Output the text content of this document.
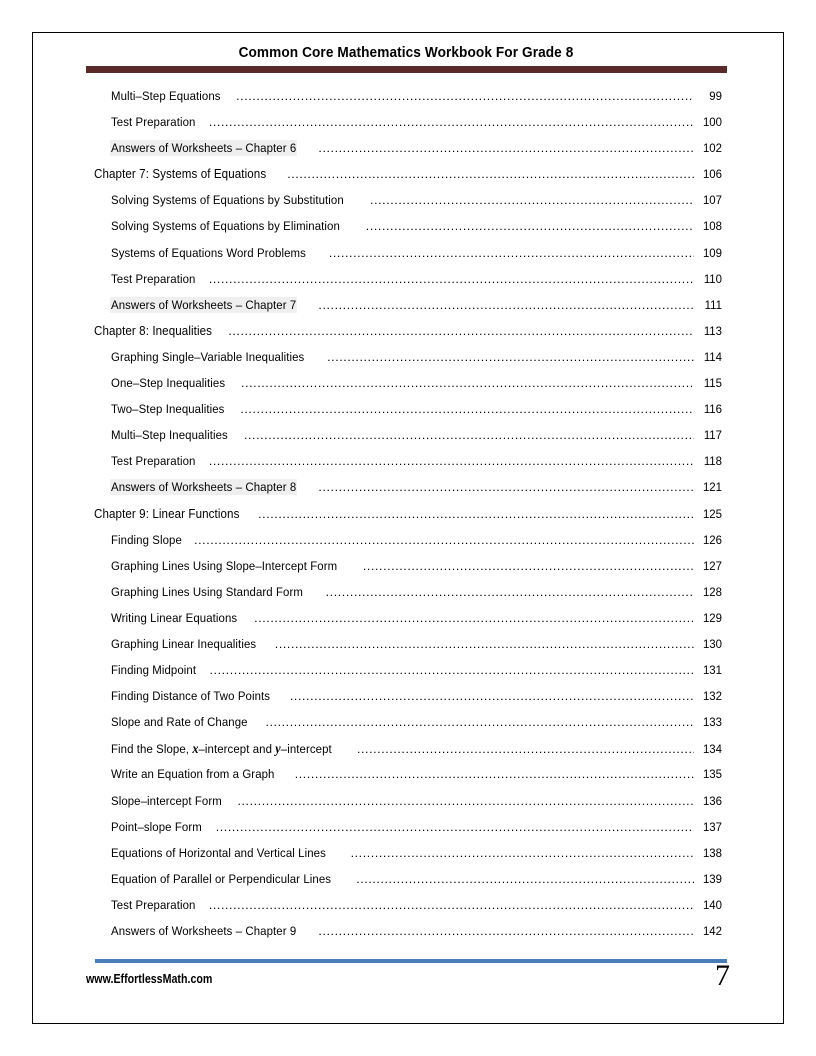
Common Core Mathematics Workbook For Grade 8
Multi–Step Equations .....	99
Test Preparation .....	100
Answers of Worksheets – Chapter 6 .....	102
Chapter 7: Systems of Equations .....	106
Solving Systems of Equations by Substitution .....	107
Solving Systems of Equations by Elimination .....	108
Systems of Equations Word Problems .....	109
Test Preparation .....	110
Answers of Worksheets – Chapter 7 .....	111
Chapter 8: Inequalities .....	113
Graphing Single–Variable Inequalities .....	114
One–Step Inequalities .....	115
Two–Step Inequalities .....	116
Multi–Step Inequalities .....	117
Test Preparation .....	118
Answers of Worksheets – Chapter 8 .....	121
Chapter 9: Linear Functions .....	125
Finding Slope .....	126
Graphing Lines Using Slope–Intercept Form .....	127
Graphing Lines Using Standard Form .....	128
Writing Linear Equations .....	129
Graphing Linear Inequalities .....	130
Finding Midpoint .....	131
Finding Distance of Two Points .....	132
Slope and Rate of Change .....	133
Find the Slope, x–intercept and y–intercept .....	134
Write an Equation from a Graph .....	135
Slope–intercept Form .....	136
Point–slope Form .....	137
Equations of Horizontal and Vertical Lines .....	138
Equation of Parallel or Perpendicular Lines .....	139
Test Preparation .....	140
Answers of Worksheets – Chapter 9 .....	142
www.EffortlessMath.com	7
